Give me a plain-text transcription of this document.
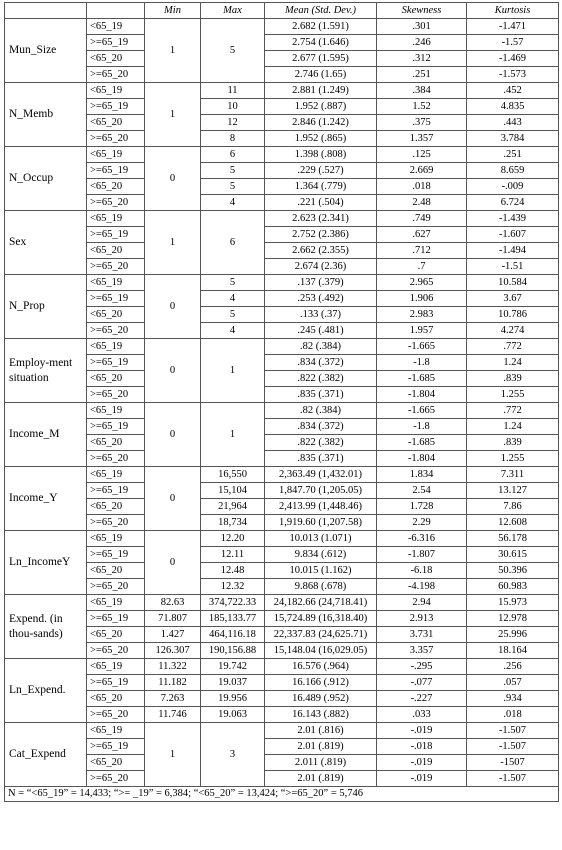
		Min	Max	Mean (Std. Dev.)	Skewness	Kurtosis
Mun_Size	<65_19	1	5	2.682 (1.591)	.301	-1.471
	>=65_19			2.754 (1.646)	.246	-1.57
	<65_20			2.677 (1.595)	.312	-1.469
	>=65_20			2.746 (1.65)	.251	-1.573
N_Memb	<65_19	1	11	2.881 (1.249)	.384	.452
	>=65_19		10	1.952 (.887)	1.52	4.835
	<65_20		12	2.846 (1.242)	.375	.443
	>=65_20		8	1.952 (.865)	1.357	3.784
N_Occup	<65_19	0	6	1.398 (.808)	.125	.251
	>=65_19		5	.229 (.527)	2.669	8.659
	<65_20		5	1.364 (.779)	.018	-.009
	>=65_20		4	.221 (.504)	2.48	6.724
Sex	<65_19	1	6	2.623 (2.341)	.749	-1.439
	>=65_19			2.752 (2.386)	.627	-1.607
	<65_20			2.662 (2.355)	.712	-1.494
	>=65_20			2.674 (2.36)	.7	-1.51
N_Prop	<65_19	0	5	.137 (.379)	2.965	10.584
	>=65_19		4	.253 (.492)	1.906	3.67
	<65_20		5	.133 (.37)	2.983	10.786
	>=65_20		4	.245 (.481)	1.957	4.274
Employ-ment situation	<65_19	0	1	.82 (.384)	-1.665	.772
	>=65_19			.834 (.372)	-1.8	1.24
	<65_20			.822 (.382)	-1.685	.839
	>=65_20			.835 (.371)	-1.804	1.255
Income_M	<65_19	0	1	.82 (.384)	-1.665	.772
	>=65_19			.834 (.372)	-1.8	1.24
	<65_20			.822 (.382)	-1.685	.839
	>=65_20			.835 (.371)	-1.804	1.255
Income_Y	<65_19	0	16,550	2,363.49 (1,432.01)	1.834	7.311
	>=65_19		15,104	1,847.70 (1,205.05)	2.54	13.127
	<65_20		21,964	2,413.99 (1,448.46)	1.728	7.86
	>=65_20		18,734	1,919.60 (1,207.58)	2.29	12.608
Ln_IncomeY	<65_19	0	12.20	10.013 (1.071)	-6.316	56.178
	>=65_19		12.11	9.834 (.612)	-1.807	30.615
	<65_20		12.48	10.015 (1.162)	-6.18	50.396
	>=65_20		12.32	9.868 (.678)	-4.198	60.983
Expend. (in thou-sands)	<65_19	82.63	374,722.33	24,182.66 (24,718.41)	2.94	15.973
	>=65_19	71.807	185,133.77	15,724.89 (16,318.40)	2.913	12.978
	<65_20	1.427	464,116.18	22,337.83 (24,625.71)	3.731	25.996
	>=65_20	126.307	190,156.88	15,148.04 (16,029.05)	3.357	18.164
Ln_Expend.	<65_19	11.322	19.742	16.576 (.964)	-.295	.256
	>=65_19	11.182	19.037	16.166 (.912)	-.077	.057
	<65_20	7.263	19.956	16.489 (.952)	-.227	.934
	>=65_20	11.746	19.063	16.143 (.882)	.033	.018
Cat_Expend	<65_19	1	3	2.01 (.816)	-.019	-1.507
	>=65_19			2.01 (.819)	-.018	-1.507
	<65_20			2.011 (.819)	-.019	-1507
	>=65_20			2.01 (.819)	-.019	-1.507
N = “<65_19” = 14,433; “>= _19” = 6,384; “<65_20” = 13,424; “>=65_20” = 5,746						
